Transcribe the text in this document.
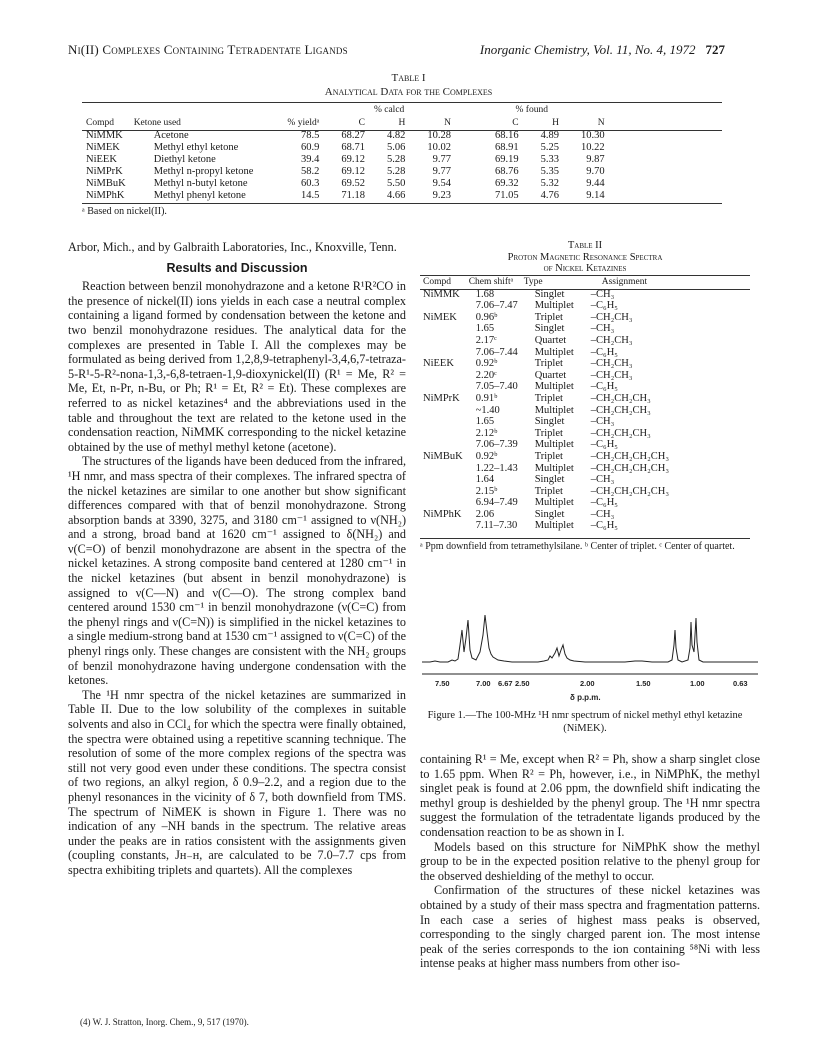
Ni(II) Complexes Containing Tetradentate Ligands	Inorganic Chemistry, Vol. 11, No. 4, 1972 727
Table I
Analytical Data for the Complexes
			% calcd			% found		
Compd	Ketone used	% yieldᵃ	C	H	N	C	H	N
NiMMK	Acetone	78.5	68.27	4.82	10.28	68.16	4.89	10.30
NiMEK	Methyl ethyl ketone	60.9	68.71	5.06	10.02	68.91	5.25	10.22
NiEEK	Diethyl ketone	39.4	69.12	5.28	9.77	69.19	5.33	9.87
NiMPrK	Methyl n-propyl ketone	58.2	69.12	5.28	9.77	68.76	5.35	9.70
NiMBuK	Methyl n-butyl ketone	60.3	69.52	5.50	9.54	69.32	5.32	9.44
NiMPhK	Methyl phenyl ketone	14.5	71.18	4.66	9.23	71.05	4.76	9.14
ᵃ Based on nickel(II).

Arbor, Mich., and by Galbraith Laboratories, Inc., Knoxville, Tenn.

Results and Discussion

Reaction between benzil monohydrazone and a ketone R¹R²CO in the presence of nickel(II) ions yields in each case a neutral complex containing a ligand formed by condensation between the ketone and two benzil monohydrazone residues. The analytical data for the complexes are presented in Table I. All the complexes may be formulated as being derived from 1,2,8,9-tetraphenyl-3,4,6,7-tetraza-5-R¹-5-R²-nona-1,3,-6,8-tetraen-1,9-dioxynickel(II) (R¹ = Me, R² = Me, Et, n-Pr, n-Bu, or Ph; R¹ = Et, R² = Et). These complexes are referred to as nickel ketazines⁴ and the abbreviations used in the table and throughout the text are related to the ketone used in the condensation reaction, NiMMK corresponding to the nickel ketazine obtained by the use of methyl methyl ketone (acetone).

The structures of the ligands have been deduced from the infrared, ¹H nmr, and mass spectra of their complexes. The infrared spectra of the nickel ketazines are similar to one another but show significant differences compared with that of benzil monohydrazone. Strong absorption bands at 3390, 3275, and 3180 cm⁻¹ assigned to ν(NH₂) and a strong, broad band at 1620 cm⁻¹ assigned to δ(NH₂) and ν(C=O) of benzil monohydrazone are absent in the spectra of the nickel ketazines. A strong composite band centered at 1280 cm⁻¹ in the nickel ketazines (but absent in benzil monohydrazone) is assigned to ν(C—N) and ν(C—O). The strong complex band centered around 1530 cm⁻¹ in benzil monohydrazone (ν(C=C) from the phenyl rings and ν(C=N)) is simplified in the nickel ketazines to a single medium-strong band at 1530 cm⁻¹ assigned to ν(C=C) of the phenyl rings only. These changes are consistent with the NH₂ groups of benzil monohydrazone having undergone condensation with the ketones.

The ¹H nmr spectra of the nickel ketazines are summarized in Table II. Due to the low solubility of the complexes in suitable solvents and also in CCl₄ for which the spectra were finally obtained, the spectra were obtained using a repetitive scanning technique. The resolution of some of the more complex regions of the spectra was still not very good even under these conditions. The spectra consist of two regions, an alkyl region, δ 0.9–2.2, and a region due to the phenyl resonances in the vicinity of δ 7, both downfield from TMS. The spectrum of NiMEK is shown in Figure 1. There was no indication of any –NH bands in the spectrum. The relative areas under the peaks are in ratios consistent with the assignments given (coupling constants, Jʜ₋ʜ, are calculated to be 7.0–7.7 cps from spectra exhibiting triplets and quartets). All the complexes

(4) W. J. Stratton, Inorg. Chem., 9, 517 (1970).
Table II
Proton Magnetic Resonance Spectra
of Nickel Ketazines
Compd	Chem shiftᵃ	Type	Assignment
NiMMK	1.68	Singlet	–CH₃
	7.06–7.47	Multiplet	–C₆H₅
NiMEK	0.96ᵇ	Triplet	–CH₂CH₃
	1.65	Singlet	–CH₃
	2.17ᶜ	Quartet	–CH₂CH₃
	7.06–7.44	Multiplet	–C₆H₅
NiEEK	0.92ᵇ	Triplet	–CH₂CH₃
	2.20ᶜ	Quartet	–CH₂CH₃
	7.05–7.40	Multiplet	–C₆H₅
NiMPrK	0.91ᵇ	Triplet	–CH₂CH₂CH₃
	~1.40	Multiplet	–CH₂CH₂CH₃
	1.65	Singlet	–CH₃
	2.12ᵇ	Triplet	–CH₂CH₂CH₃
	7.06–7.39	Multiplet	–C₆H₅
NiMBuK	0.92ᵇ	Triplet	–CH₂CH₂CH₂CH₃
	1.22–1.43	Multiplet	–CH₂CH₂CH₂CH₃
	1.64	Singlet	–CH₃
	2.15ᵇ	Triplet	–CH₂CH₂CH₂CH₃
	6.94–7.49	Multiplet	–C₆H₅
NiMPhK	2.06	Singlet	–CH₃
	7.11–7.30	Multiplet	–C₆H₅
ᵃ Ppm downfield from tetramethylsilane. ᵇ Center of triplet. ᶜ Center of quartet.
7.50	7.00 6.67 2.50	2.00	1.50	1.00	0.63
δ p.p.m.
Figure 1.—The 100-MHz ¹H nmr spectrum of nickel methyl ethyl ketazine (NiMEK).

containing R¹ = Me, except when R² = Ph, show a sharp singlet close to 1.65 ppm. When R² = Ph, however, i.e., in NiMPhK, the methyl singlet peak is found at 2.06 ppm, the downfield shift indicating the methyl group is deshielded by the phenyl group. The ¹H nmr spectra suggest the formulation of the tetradentate ligands produced by the condensation reaction to be as shown in I.

Models based on this structure for NiMPhK show the methyl group to be in the expected position relative to the phenyl group for the observed deshielding of the methyl to occur.

Confirmation of the structures of these nickel ketazines was obtained by a study of their mass spectra and fragmentation patterns. In each case a series of highest mass peaks is observed, corresponding to the singly charged parent ion. The most intense peak of the series corresponds to the ion containing ⁵⁸Ni with less intense peaks at higher mass numbers from other iso-
